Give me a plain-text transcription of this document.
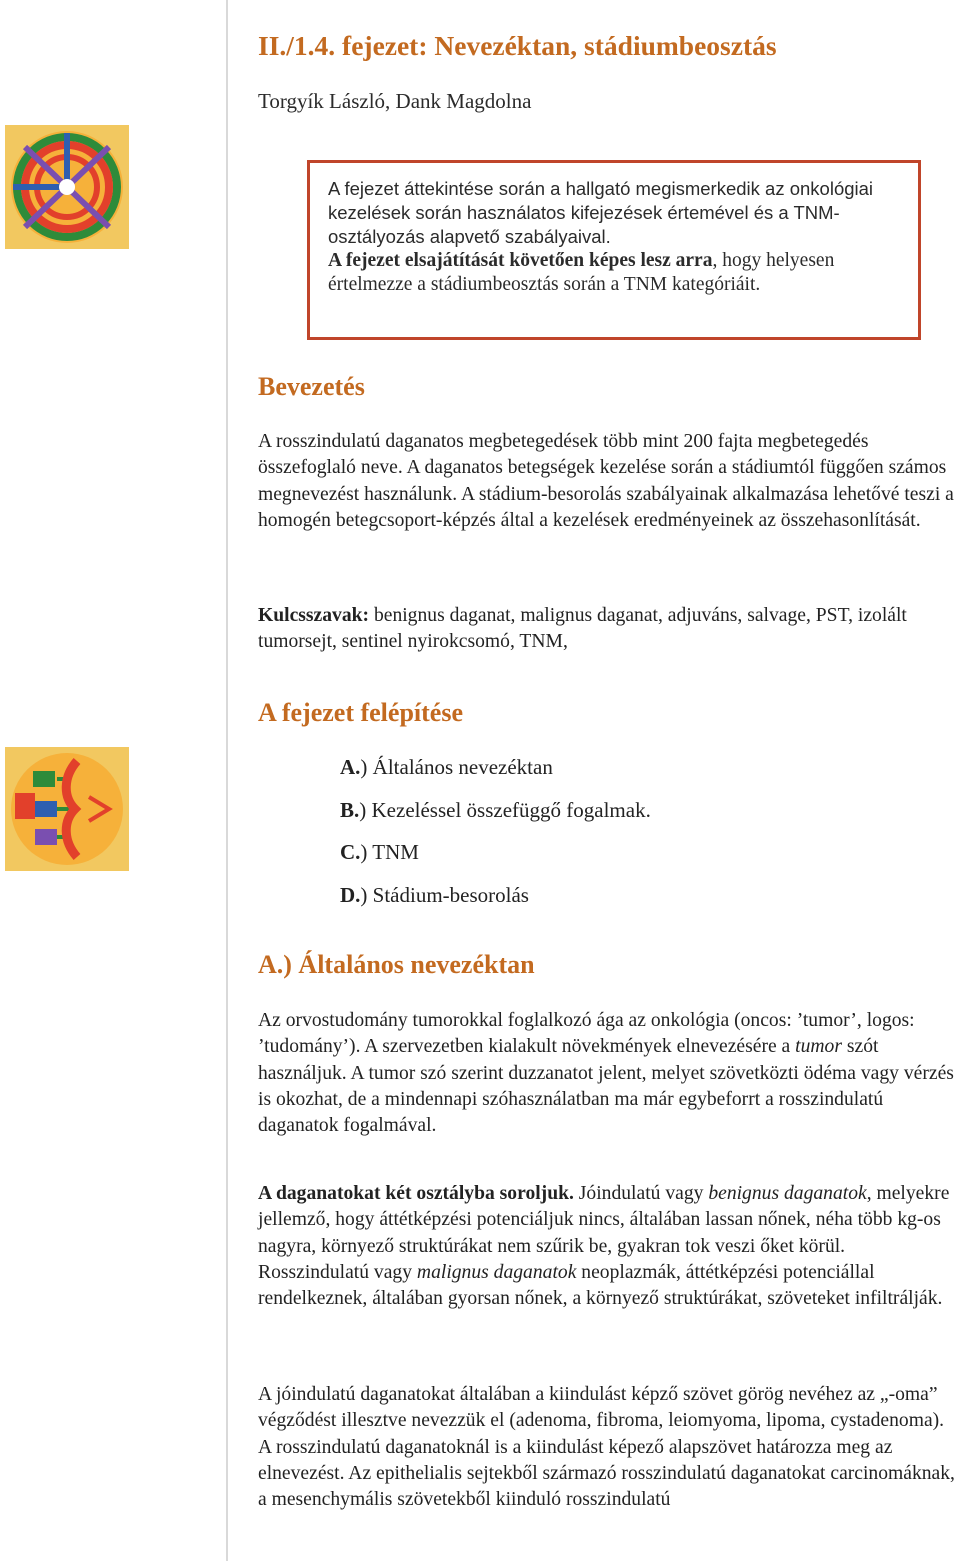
II./1.4. fejezet: Nevezéktan, stádiumbeosztás
Torgyík László, Dank Magdolna

A fejezet áttekintése során a hallgató megismerkedik az onkológiai kezelések során használatos kifejezések értemével és a TNM-osztályozás alapvető szabályaival.

A fejezet elsajátítását követően képes lesz arra, hogy helyesen értelmezze a stádiumbeosztás során a TNM kategóriáit.

Bevezetés

A rosszindulatú daganatos megbetegedések több mint 200 fajta megbetegedés összefoglaló neve. A daganatos betegségek kezelése során a stádiumtól függően számos megnevezést használunk. A stádium-besorolás szabályainak alkalmazása lehetővé teszi a homogén betegcsoport-képzés által a kezelések eredményeinek az összehasonlítását.

Kulcsszavak: benignus daganat, malignus daganat, adjuváns, salvage, PST, izolált tumorsejt, sentinel nyirokcsomó, TNM,

A fejezet felépítése
A.) Általános nevezéktan
B.) Kezeléssel összefüggő fogalmak.
C.) TNM
D.) Stádium-besorolás
A.) Általános nevezéktan

Az orvostudomány tumorokkal foglalkozó ága az onkológia (oncos: ’tumor’, logos: ’tudomány’). A szervezetben kialakult növekmények elnevezésére a tumor szót használjuk. A tumor szó szerint duzzanatot jelent, melyet szövetközti ödéma vagy vérzés is okozhat, de a mindennapi szóhasználatban ma már egybeforrt a rosszindulatú daganatok fogalmával.

A daganatokat két osztályba soroljuk. Jóindulatú vagy benignus daganatok, melyekre jellemző, hogy áttétképzési potenciáljuk nincs, általában lassan nőnek, néha több kg-os nagyra, környező struktúrákat nem szűrik be, gyakran tok veszi őket körül. Rosszindulatú vagy malignus daganatok neoplazmák, áttétképzési potenciállal rendelkeznek, általában gyorsan nőnek, a környező struktúrákat, szöveteket infiltrálják.

A jóindulatú daganatokat általában a kiindulást képző szövet görög nevéhez az „-oma” végződést illesztve nevezzük el (adenoma, fibroma, leiomyoma, lipoma, cystadenoma). A rosszindulatú daganatoknál is a kiindulást képező alapszövet határozza meg az elnevezést. Az epithelialis sejtekből származó rosszindulatú daganatokat carcinomáknak, a mesenchymális szövetekből kiinduló rosszindulatú
